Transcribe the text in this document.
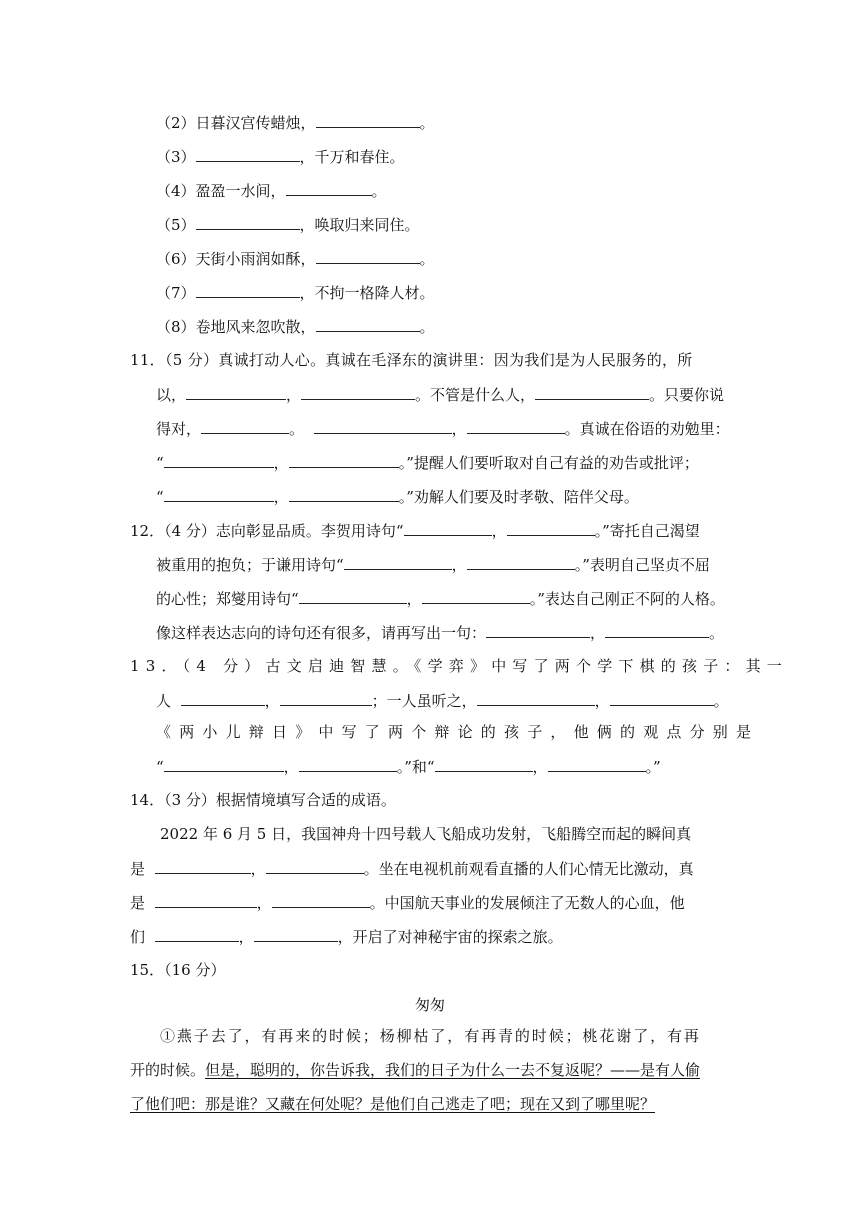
（2）日暮汉宫传蜡烛，	。
（3）	，千万和春住。
（4）盈盈一水间，	。
（5）	，唤取归来同住。
（6）天街小雨润如酥，	。
（7）	，不拘一格降人材。
（8）卷地风来忽吹散，	。
11．（5 分）真诚打动人心。真诚在毛泽东的演讲里：因为我们是为人民服务的，所
以，	，	。不管是什么人，	。只要你说
得对，	。	，	。真诚在俗语的劝勉里：
“	，	。”提醒人们要听取对自己有益的劝告或批评；
“	，	。”劝解人们要及时孝敬、陪伴父母。
12．（4 分）志向彰显品质。李贺用诗句“	，	。”寄托自己渴望
被重用的抱负；于谦用诗句“	，	。”表明自己坚贞不屈
的心性；郑燮用诗句“	，	。”表达自己刚正不阿的人格。
像这样表达志向的诗句还有很多，请再写出一句：	，	。
13．（4 分）古文启迪智慧。《学弈》中写了两个学下棋的孩子：其一
人	，	；一人虽听之，	，	。
《两小儿辩日》中写了两个辩论的孩子，他俩的观点分别是
“	，	。”和“	，	。”
14．（3 分）根据情境填写合适的成语。
2022 年 6 月 5 日，我国神舟十四号载人飞船成功发射，飞船腾空而起的瞬间真
是	，	。坐在电视机前观看直播的人们心情无比激动，真
是	，	。中国航天事业的发展倾注了无数人的心血，他
们	，	，开启了对神秘宇宙的探索之旅。
15．（16 分）
匆匆
①燕子去了，有再来的时候；杨柳枯了，有再青的时候；桃花谢了，有再
开的时候。但是，聪明的，你告诉我，我们的日子为什么一去不复返呢？——是有人偷
了他们吧：那是谁？又藏在何处呢？是他们自己逃走了吧；现在又到了哪里呢？
